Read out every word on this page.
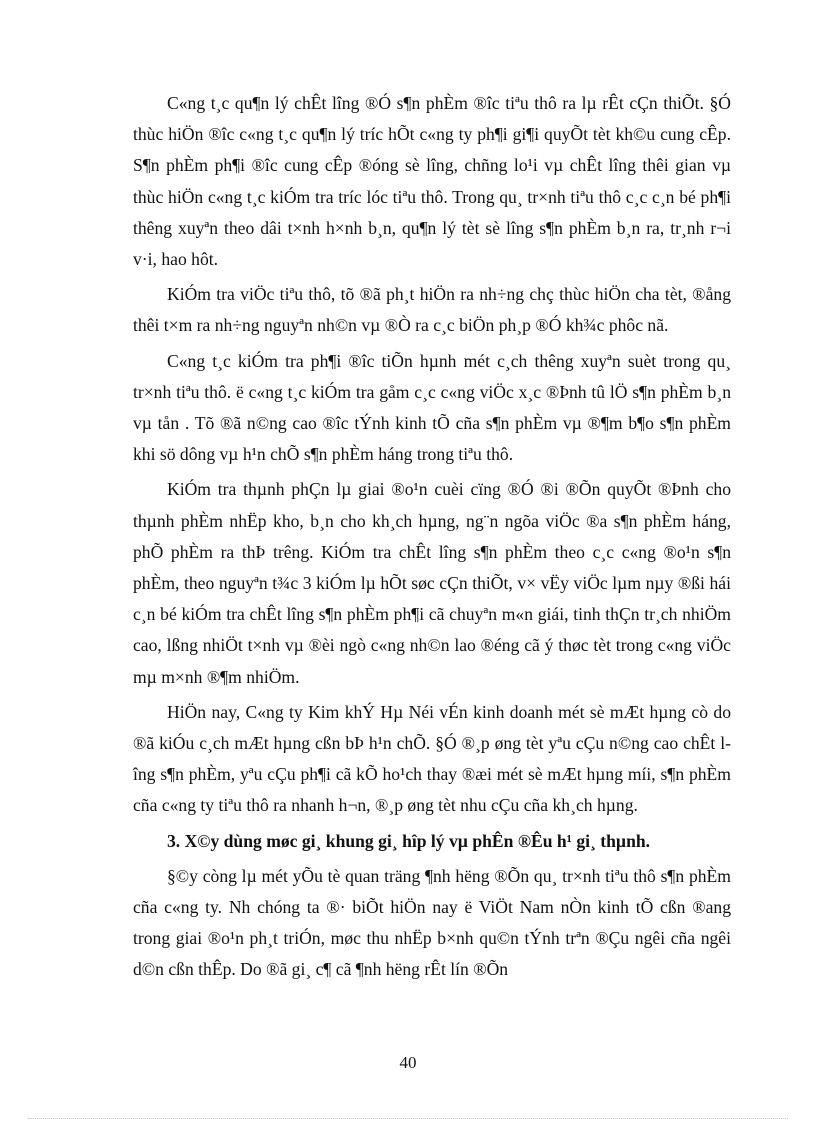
C«ng t¸c qu¶n lý chÊt lîng ®Ó s¶n phÈm ®îc tiªu thô ra lµ rÊt cÇn thiÕt. §Ó thùc hiÖn ®îc c«ng t¸c qu¶n lý tríc hÕt c«ng ty ph¶i gi¶i quyÕt tèt kh©u cung cÊp. S¶n phÈm ph¶i ®îc cung cÊp ®óng sè lîng, chñng lo¹i vµ chÊt lîng thêi gian vµ thùc hiÖn c«ng t¸c kiÓm tra tríc lóc tiªu thô. Trong qu¸ tr×nh tiªu thô c¸c c¸n bé ph¶i thêng xuyªn theo dâi t×nh h×nh b¸n, qu¶n lý tèt sè lîng s¶n phÈm b¸n ra, tr¸nh r¬i v·i, hao hôt.

KiÓm tra viÖc tiªu thô, tõ ®ã ph¸t hiÖn ra nh÷ng chç thùc hiÖn cha tèt, ®ång thêi t×m ra nh÷ng nguyªn nh©n vµ ®Ò ra c¸c biÖn ph¸p ®Ó kh¾c phôc nã.

C«ng t¸c kiÓm tra ph¶i ®îc tiÕn hµnh mét c¸ch thêng xuyªn suèt trong qu¸ tr×nh tiªu thô. ë c«ng t¸c kiÓm tra gåm c¸c c«ng viÖc x¸c ®Þnh tû lÖ s¶n phÈm b¸n vµ tån . Tõ ®ã n©ng cao ®îc tÝnh kinh tÕ cña s¶n phÈm vµ ®¶m b¶o s¶n phÈm khi sö dông vµ h¹n chÕ s¶n phÈm háng trong tiªu thô.

KiÓm tra thµnh phÇn lµ giai ®o¹n cuèi cïng ®Ó ®i ®Õn quyÕt ®Þnh cho thµnh phÈm nhËp kho, b¸n cho kh¸ch hµng, ng¨n ngõa viÖc ®a s¶n phÈm háng, phÕ phÈm ra thÞ trêng. KiÓm tra chÊt lîng s¶n phÈm theo c¸c c«ng ®o¹n s¶n phÈm, theo nguyªn t¾c 3 kiÓm lµ hÕt søc cÇn thiÕt, v× vËy viÖc lµm nµy ®ßi hái c¸n bé kiÓm tra chÊt lîng s¶n phÈm ph¶i cã chuyªn m«n giái, tinh thÇn tr¸ch nhiÖm cao, lßng nhiÖt t×nh vµ ®èi ngò c«ng nh©n lao ®éng cã ý thøc tèt trong c«ng viÖc mµ m×nh ®¶m nhiÖm.

HiÖn nay, C«ng ty Kim khÝ Hµ Néi vÉn kinh doanh mét sè mÆt hµng cò do ®ã kiÓu c¸ch mÆt hµng cßn bÞ h¹n chÕ. §Ó ®¸p øng tèt yªu cÇu n©ng cao chÊt lîng s¶n phÈm, yªu cÇu ph¶i cã kÕ ho¹ch thay ®æi mét sè mÆt hµng míi, s¶n phÈm cña c«ng ty tiªu thô ra nhanh h¬n, ®¸p øng tèt nhu cÇu cña kh¸ch hµng.

3. X©y dùng møc gi¸ khung gi¸ hîp lý vµ phÊn ®Êu h¹ gi¸ thµnh.

§©y còng lµ mét yÕu tè quan träng ¶nh hëng ®Õn qu¸ tr×nh tiªu thô s¶n phÈm cña c«ng ty. Nh chóng ta ®· biÕt hiÖn nay ë ViÖt Nam nÒn kinh tÕ cßn ®ang trong giai ®o¹n ph¸t triÓn, møc thu nhËp b×nh qu©n tÝnh trªn ®Çu ngêi cña ngêi d©n cßn thÊp. Do ®ã gi¸ c¶ cã ¶nh hëng rÊt lín ®Õn

40
